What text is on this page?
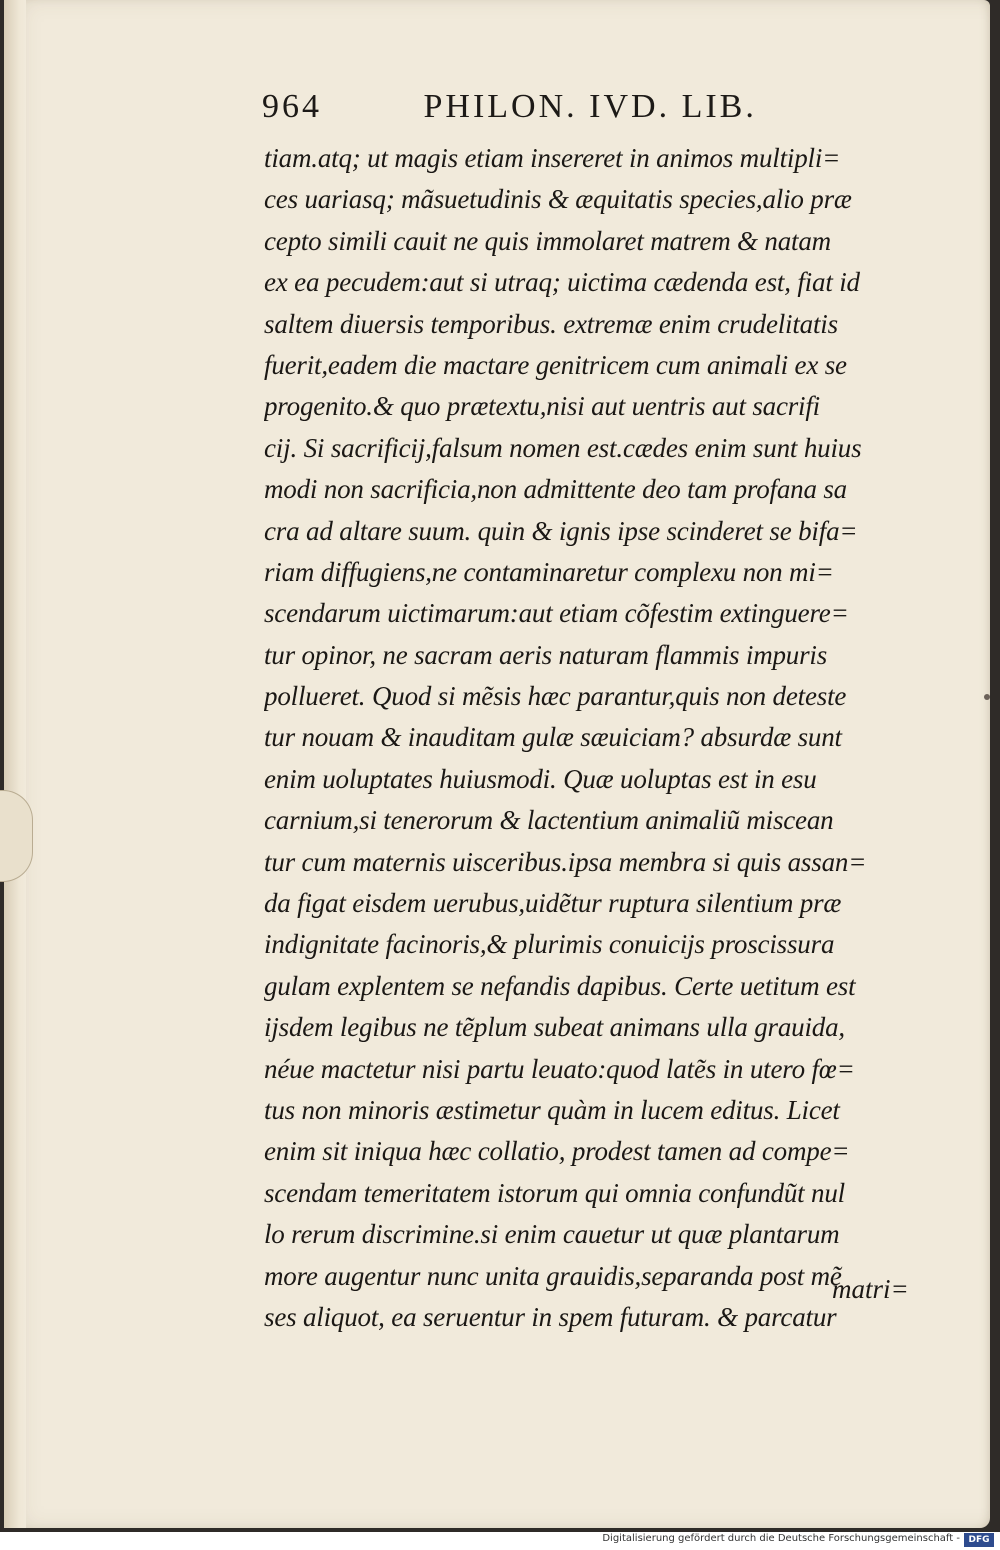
964	PHILON. IVD. LIB.
tiam.atq; ut magis etiam insereret in animos multipli=
ces uariasq; mãsuetudinis & æquitatis species,alio præ
cepto simili cauit ne quis immolaret matrem & natam
ex ea pecudem:aut si utraq; uictima cædenda est, fiat id
saltem diuersis temporibus. extremæ enim crudelitatis
fuerit,eadem die mactare genitricem cum animali ex se
progenito.& quo prætextu,nisi aut uentris aut sacrifi
cij. Si sacrificij,falsum nomen est.cædes enim sunt huius
modi non sacrificia,non admittente deo tam profana sa
cra ad altare suum. quin & ignis ipse scinderet se bifa=
riam diffugiens,ne contaminaretur complexu non mi=
scendarum uictimarum:aut etiam cõfestim extinguere=
tur opinor, ne sacram aeris naturam flammis impuris
pollueret. Quod si mẽsis hæc parantur,quis non deteste
tur nouam & inauditam gulæ sæuiciam? absurdæ sunt
enim uoluptates huiusmodi. Quæ uoluptas est in esu
carnium,si tenerorum & lactentium animaliũ miscean
tur cum maternis uisceribus.ipsa membra si quis assan=
da figat eisdem uerubus,uidẽtur ruptura silentium præ
indignitate facinoris,& plurimis conuicijs proscissura
gulam explentem se nefandis dapibus. Certe uetitum est
ijsdem legibus ne tẽplum subeat animans ulla grauida,
néue mactetur nisi partu leuato:quod latẽs in utero fœ=
tus non minoris æstimetur quàm in lucem editus. Licet
enim sit iniqua hæc collatio, prodest tamen ad compe=
scendam temeritatem istorum qui omnia confundũt nul
lo rerum discrimine.si enim cauetur ut quæ plantarum
more augentur nunc unita grauidis,separanda post mẽ
ses aliquot, ea seruentur in spem futuram. & parcatur
matri=
Digitalisierung gefördert durch die Deutsche Forschungsgemeinschaft - DFG
